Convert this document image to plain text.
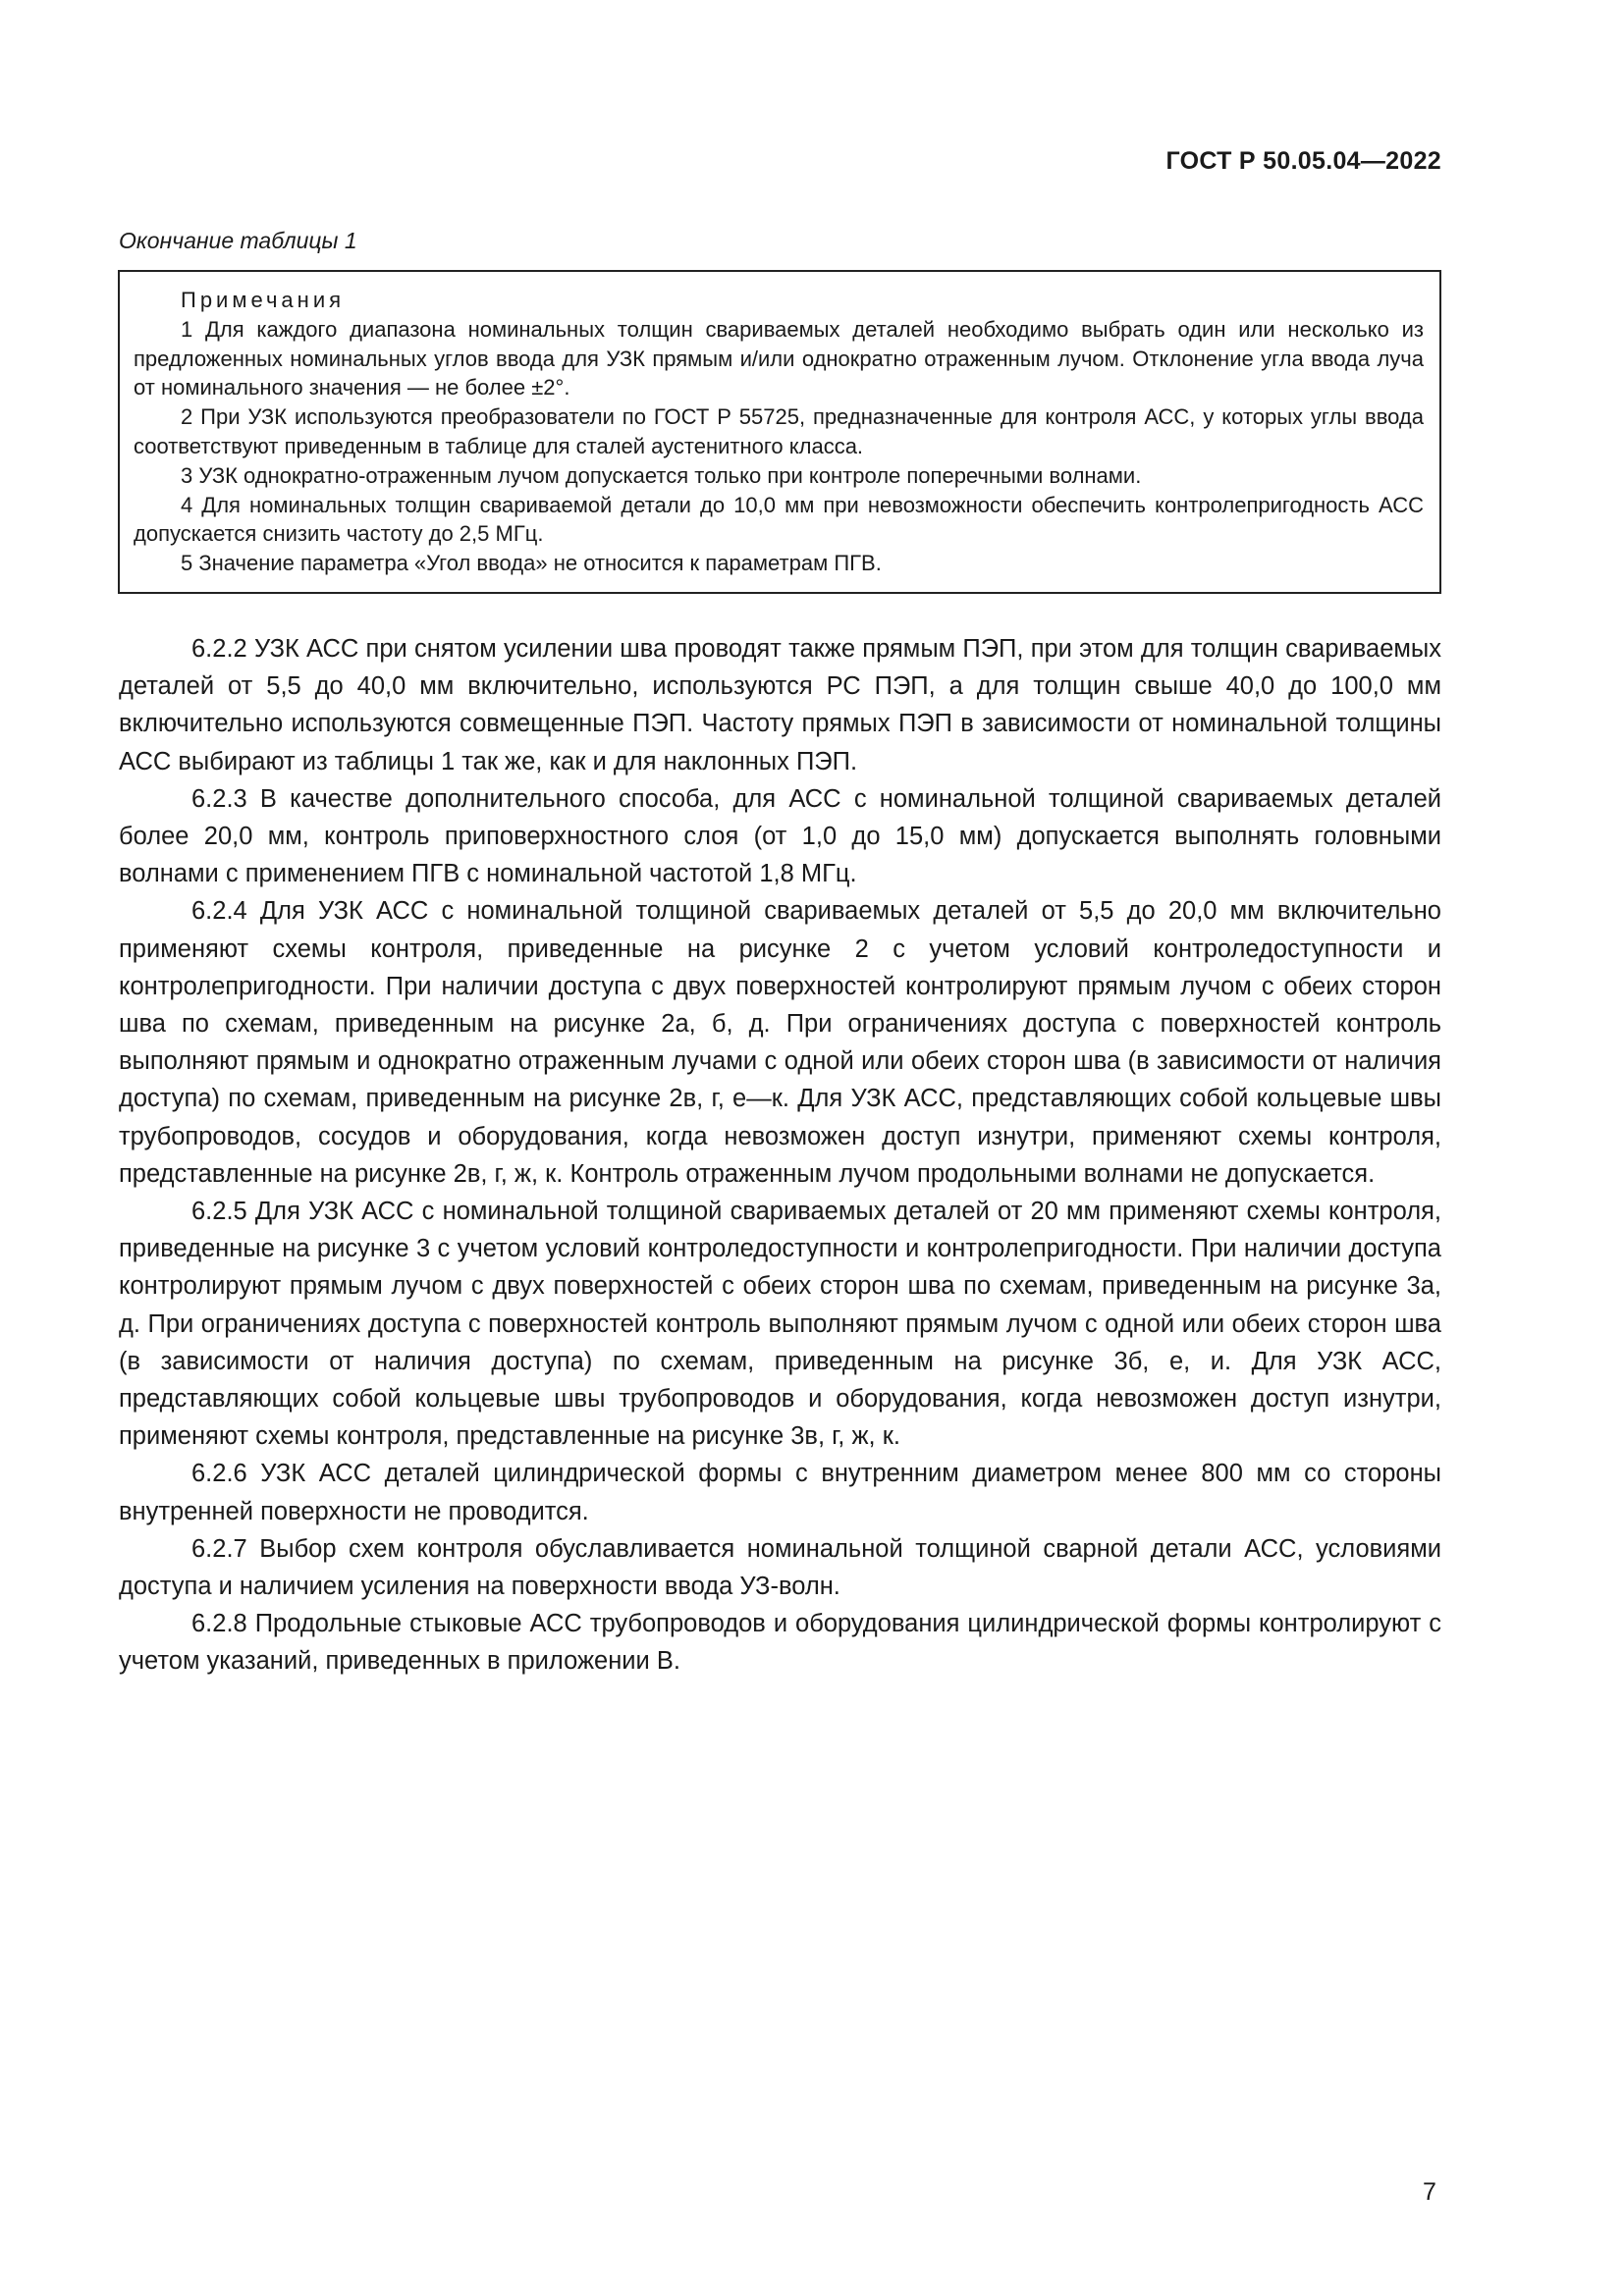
ГОСТ Р 50.05.04—2022
Окончание таблицы 1
Примечания
1 Для каждого диапазона номинальных толщин свариваемых деталей необходимо выбрать один или несколько из предложенных номинальных углов ввода для УЗК прямым и/или однократно отраженным лучом. Отклонение угла ввода луча от номинального значения — не более ±2°.
2 При УЗК используются преобразователи по ГОСТ Р 55725, предназначенные для контроля АСС, у которых углы ввода соответствуют приведенным в таблице для сталей аустенитного класса.
3 УЗК однократно-отраженным лучом допускается только при контроле поперечными волнами.
4 Для номинальных толщин свариваемой детали до 10,0 мм при невозможности обеспечить контролепригодность АСС допускается снизить частоту до 2,5 МГц.
5 Значение параметра «Угол ввода» не относится к параметрам ПГВ.

6.2.2 УЗК АСС при снятом усилении шва проводят также прямым ПЭП, при этом для толщин свариваемых деталей от 5,5 до 40,0 мм включительно, используются РС ПЭП, а для толщин свыше 40,0 до 100,0 мм включительно используются совмещенные ПЭП. Частоту прямых ПЭП в зависимости от номинальной толщины АСС выбирают из таблицы 1 так же, как и для наклонных ПЭП.

6.2.3 В качестве дополнительного способа, для АСС с номинальной толщиной свариваемых деталей более 20,0 мм, контроль приповерхностного слоя (от 1,0 до 15,0 мм) допускается выполнять головными волнами с применением ПГВ с номинальной частотой 1,8 МГц.

6.2.4 Для УЗК АСС с номинальной толщиной свариваемых деталей от 5,5 до 20,0 мм включительно применяют схемы контроля, приведенные на рисунке 2 с учетом условий контроледоступности и контролепригодности. При наличии доступа с двух поверхностей контролируют прямым лучом с обеих сторон шва по схемам, приведенным на рисунке 2а, б, д. При ограничениях доступа с поверхностей контроль выполняют прямым и однократно отраженным лучами с одной или обеих сторон шва (в зависимости от наличия доступа) по схемам, приведенным на рисунке 2в, г, е—к. Для УЗК АСС, представляющих собой кольцевые швы трубопроводов, сосудов и оборудования, когда невозможен доступ изнутри, применяют схемы контроля, представленные на рисунке 2в, г, ж, к. Контроль отраженным лучом продольными волнами не допускается.

6.2.5 Для УЗК АСС с номинальной толщиной свариваемых деталей от 20 мм применяют схемы контроля, приведенные на рисунке 3 с учетом условий контроледоступности и контролепригодности. При наличии доступа контролируют прямым лучом с двух поверхностей с обеих сторон шва по схемам, приведенным на рисунке 3а, д. При ограничениях доступа с поверхностей контроль выполняют прямым лучом с одной или обеих сторон шва (в зависимости от наличия доступа) по схемам, приведенным на рисунке 3б, е, и. Для УЗК АСС, представляющих собой кольцевые швы трубопроводов и оборудования, когда невозможен доступ изнутри, применяют схемы контроля, представленные на рисунке 3в, г, ж, к.

6.2.6 УЗК АСС деталей цилиндрической формы с внутренним диаметром менее 800 мм со стороны внутренней поверхности не проводится.

6.2.7 Выбор схем контроля обуславливается номинальной толщиной сварной детали АСС, условиями доступа и наличием усиления на поверхности ввода УЗ-волн.

6.2.8 Продольные стыковые АСС трубопроводов и оборудования цилиндрической формы контролируют с учетом указаний, приведенных в приложении В.

7
